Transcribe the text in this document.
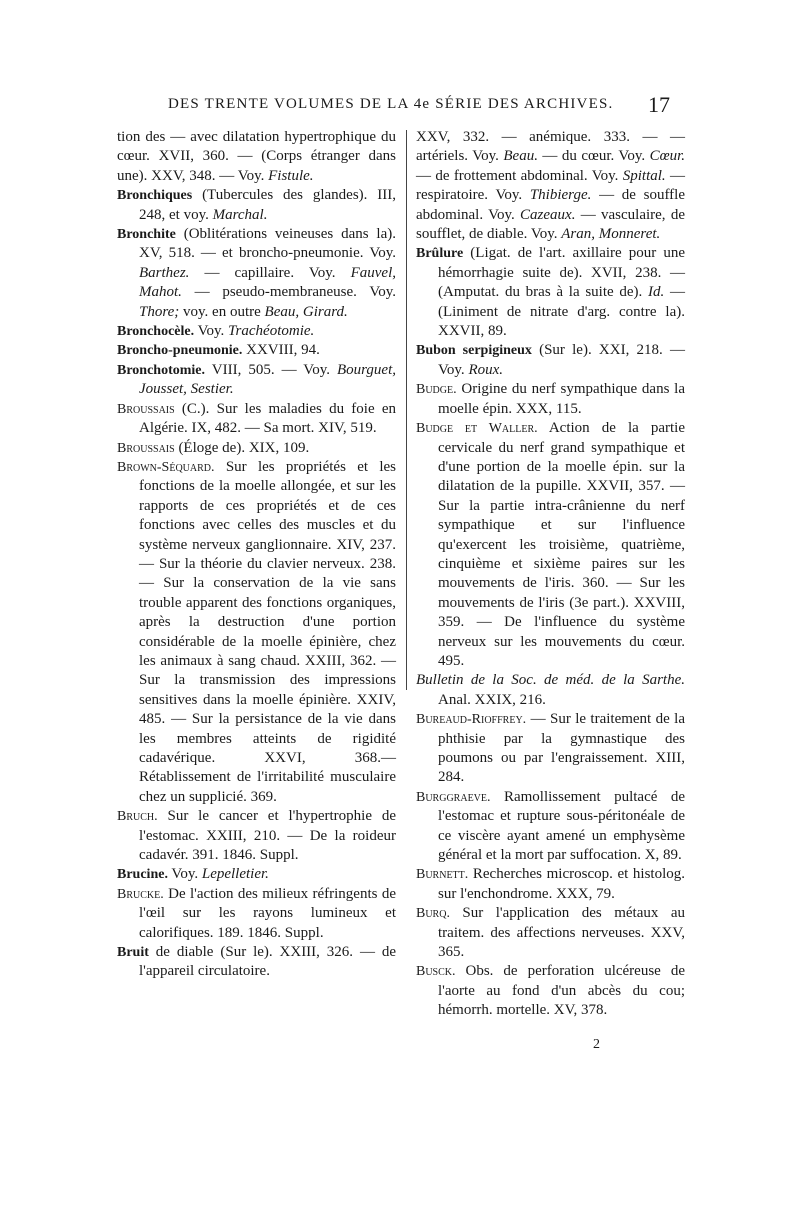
DES TRENTE VOLUMES DE LA 4e SÉRIE DES ARCHIVES.	17

tion des — avec dilatation hypertrophique du cœur. XVII, 360. — (Corps étranger dans une). XXV, 348. — Voy. Fistule.

Bronchiques (Tubercules des glandes). III, 248, et voy. Marchal.

Bronchite (Oblitérations veineuses dans la). XV, 518. — et broncho-pneumonie. Voy. Barthez. — capillaire. Voy. Fauvel, Mahot. — pseudo-membraneuse. Voy. Thore; voy. en outre Beau, Girard.

Bronchocèle. Voy. Trachéotomie.

Broncho-pneumonie. XXVIII, 94.

Bronchotomie. VIII, 505. — Voy. Bourguet, Jousset, Sestier.

Broussais (C.). Sur les maladies du foie en Algérie. IX, 482. — Sa mort. XIV, 519.

Broussais (Éloge de). XIX, 109.

Brown-Séquard. Sur les propriétés et les fonctions de la moelle allongée, et sur les rapports de ces propriétés et de ces fonctions avec celles des muscles et du système nerveux ganglionnaire. XIV, 237. — Sur la théorie du clavier nerveux. 238. — Sur la conservation de la vie sans trouble apparent des fonctions organiques, après la destruction d'une portion considérable de la moelle épinière, chez les animaux à sang chaud. XXIII, 362. — Sur la transmission des impressions sensitives dans la moelle épinière. XXIV, 485. — Sur la persistance de la vie dans les membres atteints de rigidité cadavérique. XXVI, 368.— Rétablissement de l'irritabilité musculaire chez un supplicié. 369.

Bruch. Sur le cancer et l'hypertrophie de l'estomac. XXIII, 210. — De la roideur cadavér. 391. 1846. Suppl.

Brucine. Voy. Lepelletier.

Brucke. De l'action des milieux réfringents de l'œil sur les rayons lumineux et calorifiques. 189. 1846. Suppl.

Bruit de diable (Sur le). XXIII, 326. — de l'appareil circulatoire.

XXV, 332. — anémique. 333. — — artériels. Voy. Beau. — du cœur. Voy. Cœur. — de frottement abdominal. Voy. Spittal. — respiratoire. Voy. Thibierge. — de souffle abdominal. Voy. Cazeaux. — vasculaire, de soufflet, de diable. Voy. Aran, Monneret.

Brûlure (Ligat. de l'art. axillaire pour une hémorrhagie suite de). XVII, 238. — (Amputat. du bras à la suite de). Id. — (Liniment de nitrate d'arg. contre la). XXVII, 89.

Bubon serpigineux (Sur le). XXI, 218. — Voy. Roux.

Budge. Origine du nerf sympathique dans la moelle épin. XXX, 115.

Budge et Waller. Action de la partie cervicale du nerf grand sympathique et d'une portion de la moelle épin. sur la dilatation de la pupille. XXVII, 357. — Sur la partie intra-crânienne du nerf sympathique et sur l'influence qu'exercent les troisième, quatrième, cinquième et sixième paires sur les mouvements de l'iris. 360. — Sur les mouvements de l'iris (3e part.). XXVIII, 359. — De l'influence du système nerveux sur les mouvements du cœur. 495.

Bulletin de la Soc. de méd. de la Sarthe. Anal. XXIX, 216.

Bureaud-Rioffrey. — Sur le traitement de la phthisie par la gymnastique des poumons ou par l'engraissement. XIII, 284.

Burggraeve. Ramollissement pultacé de l'estomac et rupture sous-péritonéale de ce viscère ayant amené un emphysème général et la mort par suffocation. X, 89.

Burnett. Recherches microscop. et histolog. sur l'enchondrome. XXX, 79.

Burq. Sur l'application des métaux au traitem. des affections nerveuses. XXV, 365.

Busck. Obs. de perforation ulcéreuse de l'aorte au fond d'un abcès du cou; hémorrh. mortelle. XV, 378.

2
